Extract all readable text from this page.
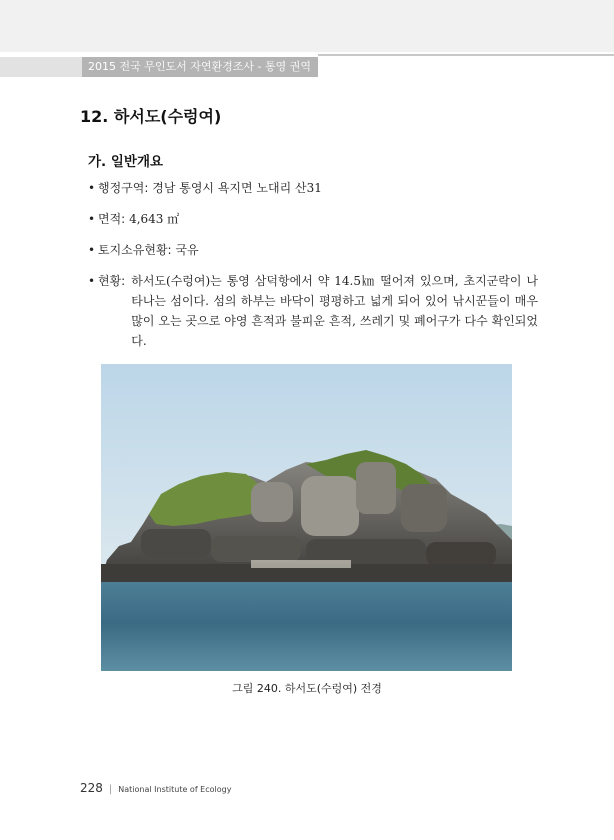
2015 전국 무인도서 자연환경조사 - 통영 권역
12. 하서도(수렁여)
가. 일반개요
• 행정구역: 경남 통영시 욕지면 노대리 산31
• 면적: 4,643 ㎡
• 토지소유현황: 국유
• 현황: 하서도(수렁여)는 통영 삼덕항에서 약 14.5㎞ 떨어져 있으며, 초지군락이 나타나는 섬이다. 섬의 하부는 바닥이 평평하고 넓게 되어 있어 낚시꾼들이 매우 많이 오는 곳으로 야영 흔적과 불피운 흔적, 쓰레기 및 폐어구가 다수 확인되었다.
그림 240. 하서도(수렁여) 전경
228 | National Institute of Ecology
